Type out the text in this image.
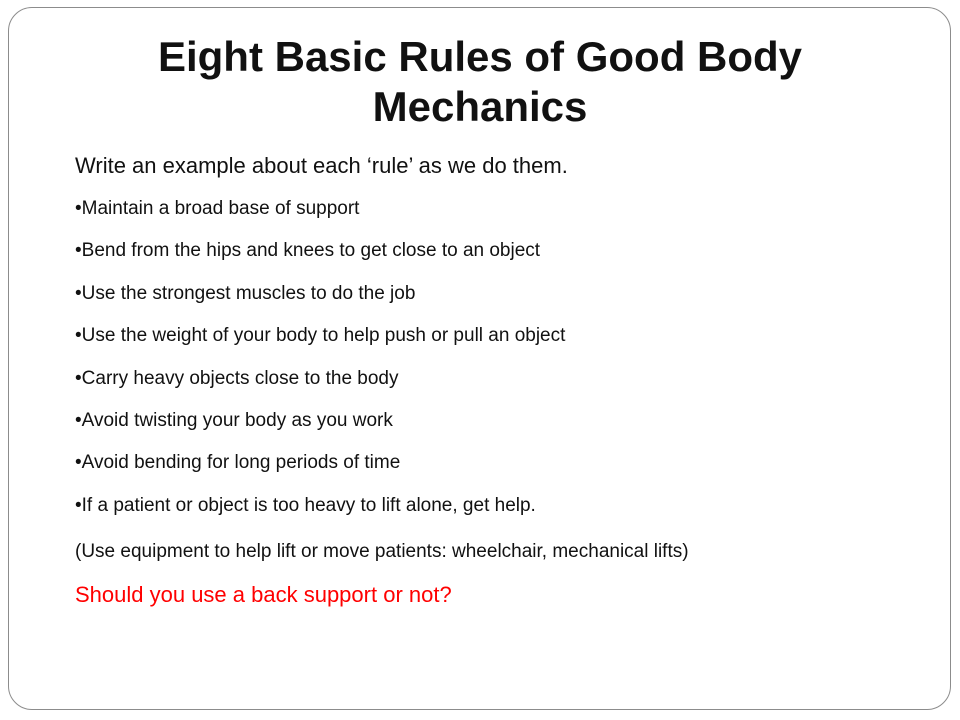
Eight Basic Rules of Good Body Mechanics

Write an example about each ‘rule’ as we do them.

•Maintain a broad base of support
•Bend from the hips and knees to get close to an object
•Use the strongest muscles to do the job
•Use the weight of your body to help push or pull an object
•Carry heavy objects close to the body
•Avoid twisting your body as you work
•Avoid bending for long periods of time
•If a patient or object is too heavy to lift alone, get help.

(Use equipment to help lift or move patients: wheelchair, mechanical lifts)

Should you use a back support or not?
